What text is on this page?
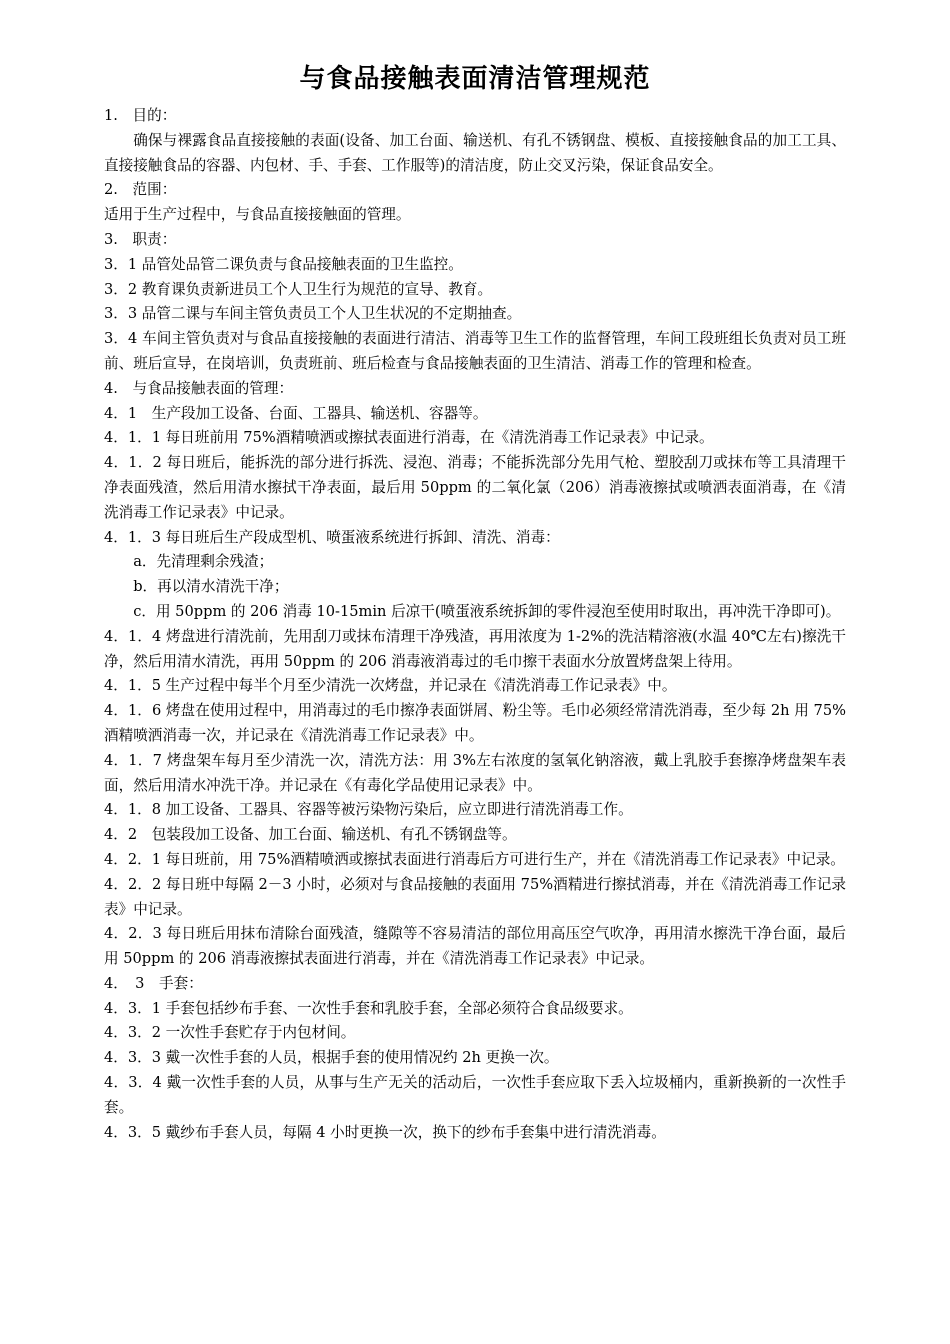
与食品接触表面清洁管理规范

1.　目的：

确保与裸露食品直接接触的表面(设备、加工台面、输送机、有孔不锈钢盘、模板、直接接触食品的加工工具、直接接触食品的容器、内包材、手、手套、工作服等)的清洁度，防止交叉污染，保证食品安全。

2.　范围：

适用于生产过程中，与食品直接接触面的管理。

3.　职责：

3．1 品管处品管二课负责与食品接触表面的卫生监控。

3．2 教育课负责新进员工个人卫生行为规范的宣导、教育。

3．3 品管二课与车间主管负责员工个人卫生状况的不定期抽查。

3．4 车间主管负责对与食品直接接触的表面进行清洁、消毒等卫生工作的监督管理，车间工段班组长负责对员工班前、班后宣导，在岗培训，负责班前、班后检查与食品接触表面的卫生清洁、消毒工作的管理和检查。

4.　与食品接触表面的管理：

4．1　生产段加工设备、台面、工器具、输送机、容器等。

4．1．1 每日班前用 75%酒精喷洒或擦拭表面进行消毒，在《清洗消毒工作记录表》中记录。

4．1．2 每日班后，能拆洗的部分进行拆洗、浸泡、消毒；不能拆洗部分先用气枪、塑胶刮刀或抹布等工具清理干净表面残渣，然后用清水擦拭干净表面，最后用 50ppm 的二氧化氯（206）消毒液擦拭或喷洒表面消毒，在《清洗消毒工作记录表》中记录。

4．1．3 每日班后生产段成型机、喷蛋液系统进行拆卸、清洗、消毒：

a．先清理剩余残渣；

b．再以清水清洗干净；

c．用 50ppm 的 206 消毒 10-15min 后凉干(喷蛋液系统拆卸的零件浸泡至使用时取出，再冲洗干净即可)。

4．1．4 烤盘进行清洗前，先用刮刀或抹布清理干净残渣，再用浓度为 1-2%的洗洁精溶液(水温 40℃左右)擦洗干净，然后用清水清洗，再用 50ppm 的 206 消毒液消毒过的毛巾擦干表面水分放置烤盘架上待用。

4．1．5 生产过程中每半个月至少清洗一次烤盘，并记录在《清洗消毒工作记录表》中。

4．1．6 烤盘在使用过程中，用消毒过的毛巾擦净表面饼屑、粉尘等。毛巾必须经常清洗消毒，至少每 2h 用 75%酒精喷洒消毒一次，并记录在《清洗消毒工作记录表》中。

4．1．7 烤盘架车每月至少清洗一次，清洗方法：用 3%左右浓度的氢氧化钠溶液，戴上乳胶手套擦净烤盘架车表面，然后用清水冲洗干净。并记录在《有毒化学品使用记录表》中。

4．1．8 加工设备、工器具、容器等被污染物污染后，应立即进行清洗消毒工作。

4．2　包装段加工设备、加工台面、输送机、有孔不锈钢盘等。

4．2．1 每日班前，用 75%酒精喷洒或擦拭表面进行消毒后方可进行生产，并在《清洗消毒工作记录表》中记录。

4．2．2 每日班中每隔 2－3 小时，必须对与食品接触的表面用 75%酒精进行擦拭消毒，并在《清洗消毒工作记录表》中记录。

4．2．3 每日班后用抹布清除台面残渣，缝隙等不容易清洁的部位用高压空气吹净，再用清水擦洗干净台面，最后用 50ppm 的 206 消毒液擦拭表面进行消毒，并在《清洗消毒工作记录表》中记录。

4．　3　手套：

4．3．1 手套包括纱布手套、一次性手套和乳胶手套，全部必须符合食品级要求。

4．3．2 一次性手套贮存于内包材间。

4．3．3 戴一次性手套的人员，根据手套的使用情况约 2h 更换一次。

4．3．4 戴一次性手套的人员，从事与生产无关的活动后，一次性手套应取下丢入垃圾桶内，重新换新的一次性手套。

4．3．5 戴纱布手套人员，每隔 4 小时更换一次，换下的纱布手套集中进行清洗消毒。
